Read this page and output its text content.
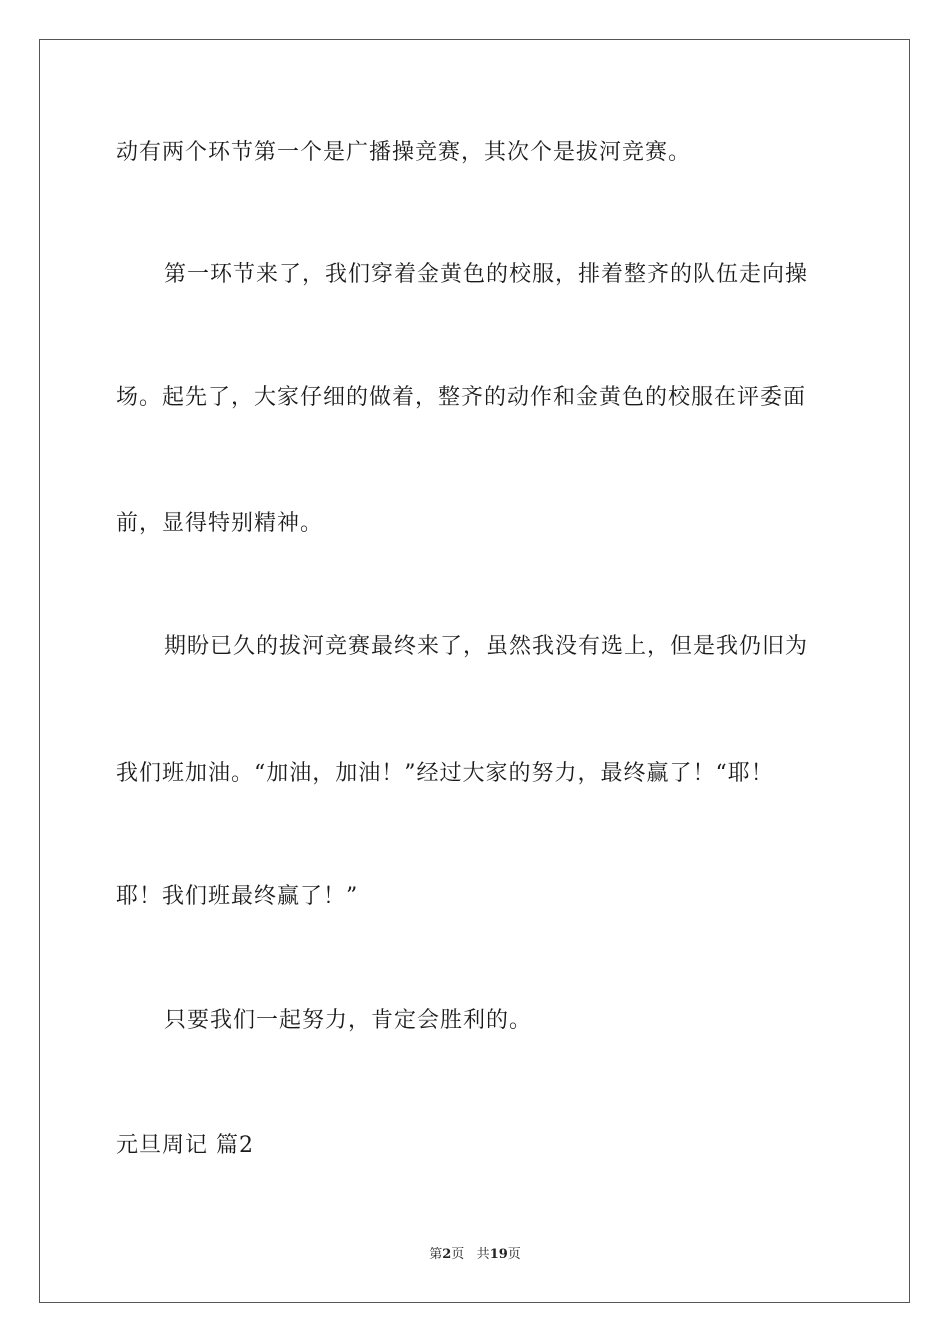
动有两个环节第一个是广播操竞赛，其次个是拔河竞赛。
第一环节来了，我们穿着金黄色的校服，排着整齐的队伍走向操
场。起先了，大家仔细的做着，整齐的动作和金黄色的校服在评委面
前，显得特别精神。
期盼已久的拔河竞赛最终来了，虽然我没有选上，但是我仍旧为
我们班加油。“加油，加油！”经过大家的努力，最终赢了！“耶！
耶！我们班最终赢了！”
只要我们一起努力，肯定会胜利的。
元旦周记 篇2
第2页 共19页
